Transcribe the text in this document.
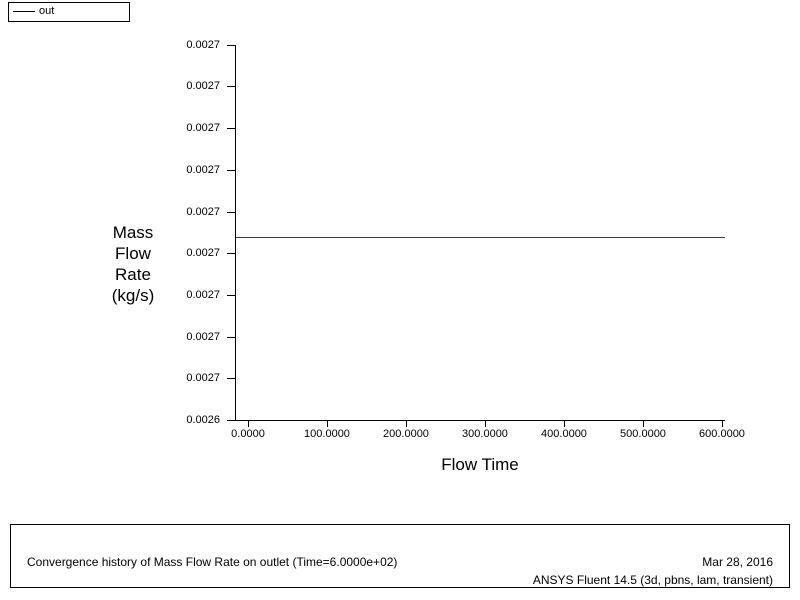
out
0.0027
0.0027
0.0027
0.0027
0.0027
0.0027
0.0027
0.0027
0.0027
0.0026
0.0000	100.0000	200.0000	300.0000	400.0000	500.0000	600.0000
Flow Time
Mass
Flow
Rate
(kg/s)
Convergence history of Mass Flow Rate on outlet (Time=6.0000e+02)	Mar 28, 2016
ANSYS Fluent 14.5 (3d, pbns, lam, transient)
